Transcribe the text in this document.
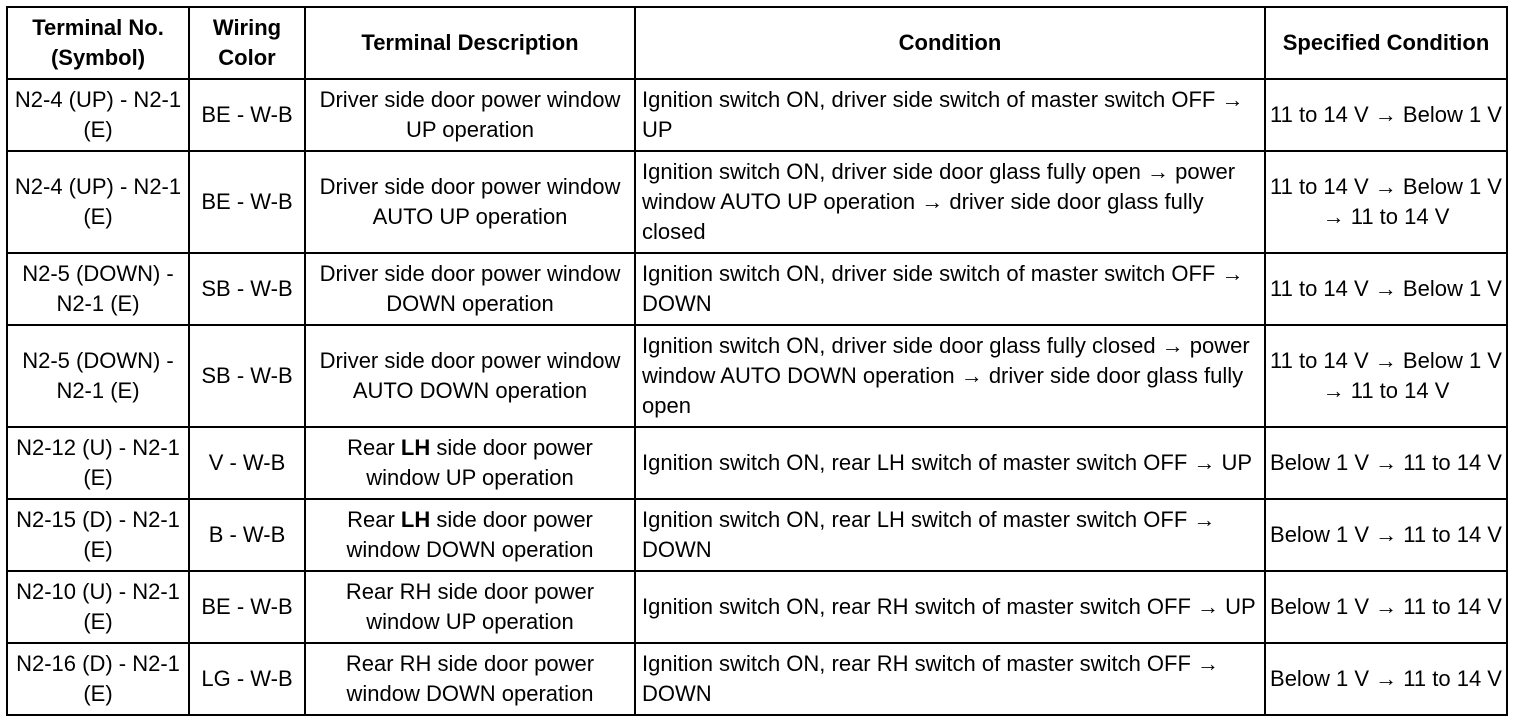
Terminal No. (Symbol)	Wiring Color	Terminal Description	Condition	Specified Condition
N2-4 (UP) - N2-1 (E)	BE - W-B	Driver side door power window UP operation	Ignition switch ON, driver side switch of master switch OFF → UP	11 to 14 V → Below 1 V
N2-4 (UP) - N2-1 (E)	BE - W-B	Driver side door power window AUTO UP operation	Ignition switch ON, driver side door glass fully open → power window AUTO UP operation → driver side door glass fully closed	11 to 14 V → Below 1 V → 11 to 14 V
N2-5 (DOWN) - N2-1 (E)	SB - W-B	Driver side door power window DOWN operation	Ignition switch ON, driver side switch of master switch OFF → DOWN	11 to 14 V → Below 1 V
N2-5 (DOWN) - N2-1 (E)	SB - W-B	Driver side door power window AUTO DOWN operation	Ignition switch ON, driver side door glass fully closed → power window AUTO DOWN operation → driver side door glass fully open	11 to 14 V → Below 1 V → 11 to 14 V
N2-12 (U) - N2-1 (E)	V - W-B	Rear LH side door power window UP operation	Ignition switch ON, rear LH switch of master switch OFF → UP	Below 1 V → 11 to 14 V
N2-15 (D) - N2-1 (E)	B - W-B	Rear LH side door power window DOWN operation	Ignition switch ON, rear LH switch of master switch OFF → DOWN	Below 1 V → 11 to 14 V
N2-10 (U) - N2-1 (E)	BE - W-B	Rear RH side door power window UP operation	Ignition switch ON, rear RH switch of master switch OFF → UP	Below 1 V → 11 to 14 V
N2-16 (D) - N2-1 (E)	LG - W-B	Rear RH side door power window DOWN operation	Ignition switch ON, rear RH switch of master switch OFF → DOWN	Below 1 V → 11 to 14 V
